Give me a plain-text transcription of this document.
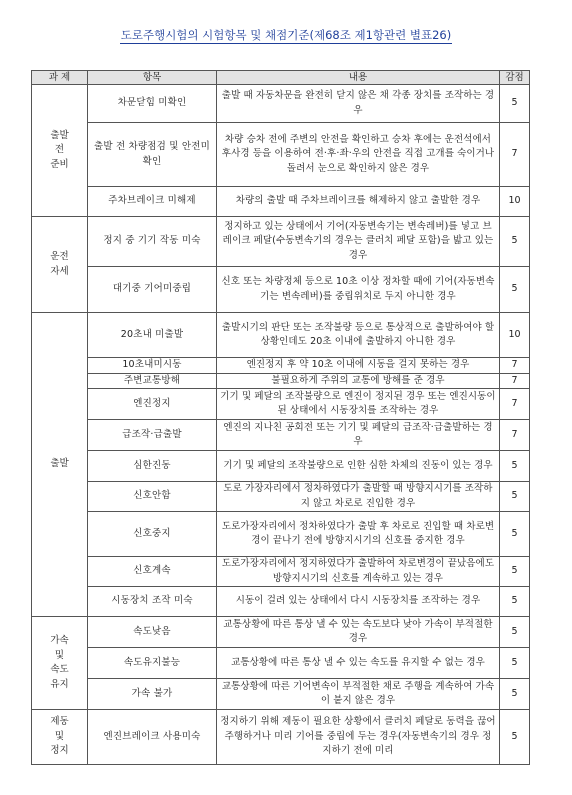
도로주행시험의 시험항목 및 채점기준(제68조 제1항관련 별표26)
과 제	항목	내용	감점
출발
전
준비	차문닫힘 미확인	출발 때 자동차문을 완전히 닫지 않은 채 각종 장치를 조작하는 경우	5
	출발 전 차량점검 및 안전미확인	차량 승차 전에 주변의 안전을 확인하고 승차 후에는 운전석에서 후사경 등을 이용하여 전·후·좌·우의 안전을 직접 고개를 숙이거나 돌려서 눈으로 확인하지 않은 경우	7
	주차브레이크 미해제	차량의 출발 때 주차브레이크를 해제하지 않고 출발한 경우	10
운전
자세	정지 중 기기 작동 미숙	정지하고 있는 상태에서 기어(자동변속기는 변속레버)를 넣고 브레이크 페달(수동변속기의 경우는 클러치 페달 포함)을 밟고 있는 경우	5
	대기중 기어미중립	신호 또는 차량정체 등으로 10초 이상 정차할 때에 기어(자동변속기는 변속레버)를 중립위치로 두지 아니한 경우	5
출발	20초내 미출발	출발시기의 판단 또는 조작불량 등으로 통상적으로 출발하여야 할 상황인데도 20초 이내에 출발하지 아니한 경우	10
	10초내미시동	엔진정지 후 약 10초 이내에 시동을 걸지 못하는 경우	7
	주변교통방해	불필요하게 주위의 교통에 방해를 준 경우	7
	엔진정지	기기 및 페달의 조작불량으로 엔진이 정지된 경우 또는 엔진시동이 된 상태에서 시동장치를 조작하는 경우	7
	급조작·급출발	엔진의 지나친 공회전 또는 기기 및 페달의 급조작·급출발하는 경우	7
	심한진동	기기 및 페달의 조작불량으로 인한 심한 차체의 진동이 있는 경우	5
	신호안함	도로 가장자리에서 정차하였다가 출발할 때 방향지시기를 조작하지 않고 차로로 진입한 경우	5
	신호중지	도로가장자리에서 정차하였다가 출발 후 차로로 진입할 때 차로변경이 끝나기 전에 방향지시기의 신호를 중지한 경우	5
	신호계속	도로가장자리에서 정지하였다가 출발하여 차로변경이 끝났음에도 방향지시기의 신호를 계속하고 있는 경우	5
	시동장치 조작 미숙	시동이 걸려 있는 상태에서 다시 시동장치를 조작하는 경우	5
가속
및
속도
유지	속도낮음	교통상황에 따른 통상 낼 수 있는 속도보다 낮아 가속이 부적절한 경우	5
	속도유지불능	교통상황에 따른 통상 낼 수 있는 속도를 유지할 수 없는 경우	5
	가속 불가	교통상황에 따른 기어변속이 부적절한 채로 주행을 계속하여 가속이 붙지 않은 경우	5
제동
및
정지	엔진브레이크 사용미숙	정지하기 위해 제동이 필요한 상황에서 클러치 페달로 동력을 끊어 주행하거나 미리 기어를 중립에 두는 경우(자동변속기의 경우 정지하기 전에 미리	5
